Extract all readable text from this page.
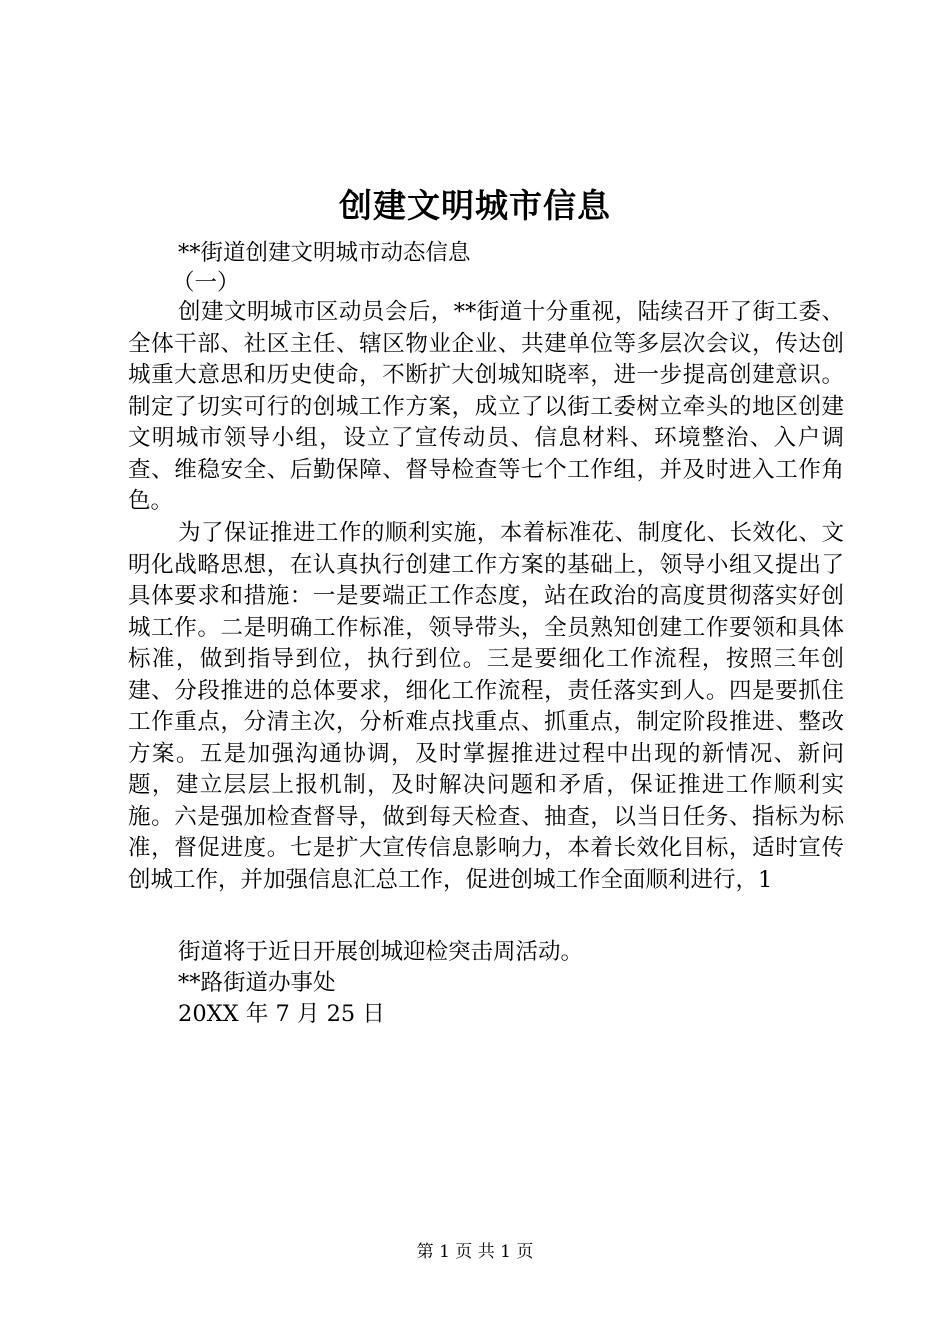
创建文明城市信息
**街道创建文明城市动态信息
（一）

创建文明城市区动员会后，**街道十分重视，陆续召开了街工委、全体干部、社区主任、辖区物业企业、共建单位等多层次会议，传达创城重大意思和历史使命，不断扩大创城知晓率，进一步提高创建意识。制定了切实可行的创城工作方案，成立了以街工委树立牵头的地区创建文明城市领导小组，设立了宣传动员、信息材料、环境整治、入户调查、维稳安全、后勤保障、督导检查等七个工作组，并及时进入工作角色。

为了保证推进工作的顺利实施，本着标准花、制度化、长效化、文明化战略思想，在认真执行创建工作方案的基础上，领导小组又提出了具体要求和措施：一是要端正工作态度，站在政治的高度贯彻落实好创城工作。二是明确工作标准，领导带头，全员熟知创建工作要领和具体标准，做到指导到位，执行到位。三是要细化工作流程，按照三年创建、分段推进的总体要求，细化工作流程，责任落实到人。四是要抓住工作重点，分清主次，分析难点找重点、抓重点，制定阶段推进、整改方案。五是加强沟通协调，及时掌握推进过程中出现的新情况、新问题，建立层层上报机制，及时解决问题和矛盾，保证推进工作顺利实施。六是强加检查督导，做到每天检查、抽查，以当日任务、指标为标准，督促进度。七是扩大宣传信息影响力，本着长效化目标，适时宣传创城工作，并加强信息汇总工作，促进创城工作全面顺利进行，1

街道将于近日开展创城迎检突击周活动。
**路街道办事处
20XX 年 7 月 25 日
第 1 页 共 1 页
